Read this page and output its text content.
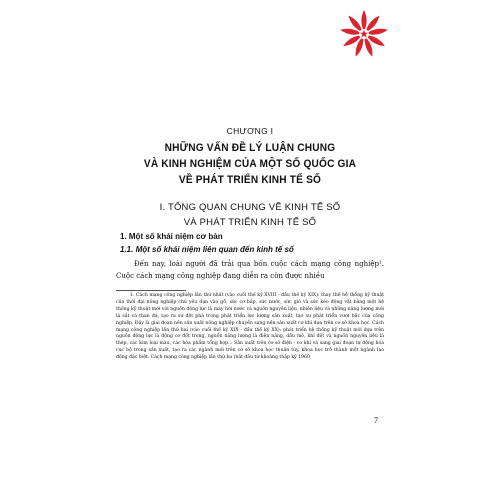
CHƯƠNG I
NHỮNG VẤN ĐỀ LÝ LUẬN CHUNG
VÀ KINH NGHIỆM CỦA MỘT SỐ QUỐC GIA
VỀ PHÁT TRIỂN KINH TẾ SỐ
I. TỔNG QUAN CHUNG VỀ KINH TẾ SỐ
VÀ PHÁT TRIỂN KINH TẾ SỐ
1. Một số khái niệm cơ bản
1.1. Một số khái niệm liên quan đến kinh tế số

Đến nay, loài người đã trải qua bốn cuộc cách mạng công nghiệp¹. Cuộc cách mạng công nghiệp đang diễn ra còn được nhiều

1. Cách mạng công nghiệp lần thứ nhất (vào cuối thế kỷ XVIII - đầu thế kỷ XIX): thay thế hệ thống kỹ thuật của thời đại nông nghiệp chủ yếu dựa vào gỗ, sức cơ bắp, sức nước, sức gió và sức kéo động vật bằng một hệ thống kỹ thuật mới với nguồn động lực là máy hơi nước và nguồn nguyên liệu, nhiên liệu và những năng lượng mới là sắt và than đá, tạo ra sự đột phá trong phát triển lực lượng sản xuất, tạo sự phát triển vượt bậc của công nghiệp. Đây là giai đoạn nền sản xuất nông nghiệp chuyển sang nền sản xuất cơ khí dựa trên cơ sở khoa học. Cách mạng công nghiệp lần thứ hai (vào cuối thế kỷ XIX - đầu thế kỷ XX): phát triển hệ thống kỹ thuật mới dựa trên nguồn động lực là động cơ đốt trong, nguồn năng lượng là điện năng, dầu mỏ, khí đốt và nguồn nguyên liệu là thép, các kim loại màu, các hóa phẩm tổng hợp... Sản xuất trên cơ sở điện - cơ khí và sang giai đoạn tự động hóa cục bộ trong sản xuất, tạo ra các ngành mới trên cơ sở khoa học thuần túy, khoa học trở thành một ngành lao động đặc biệt. Cách mạng công nghiệp lần thứ ba (bắt đầu từ khoảng thập kỷ 1960

7
